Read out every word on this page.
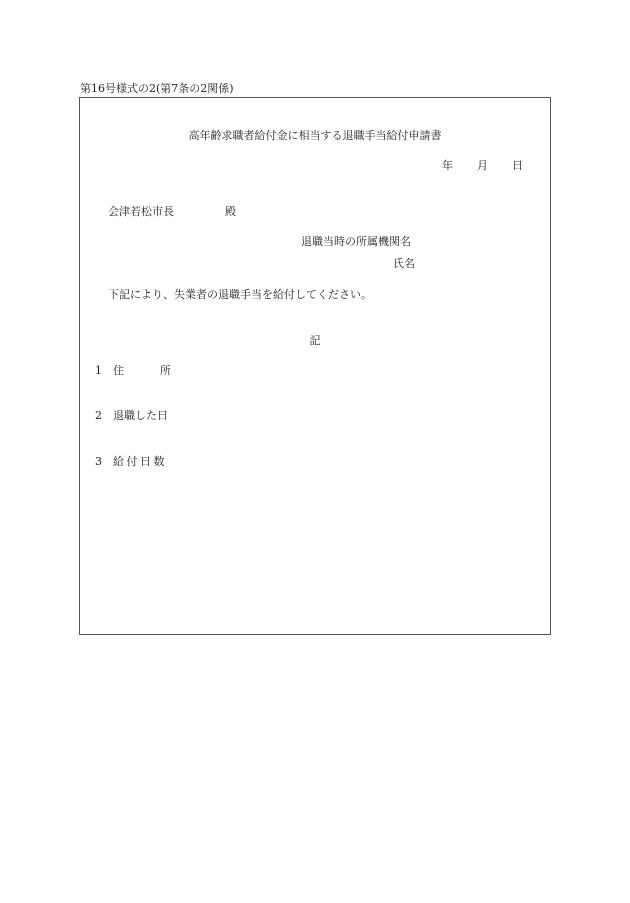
第16号様式の2(第7条の2関係)
高年齢求職者給付金に相当する退職手当給付申請書
年 月 日
会津若松市長	殿
退職当時の所属機関名
氏名
下記により、失業者の退職手当を給付してください。
記
1 住	所
2 退職した日
3 給付日数
